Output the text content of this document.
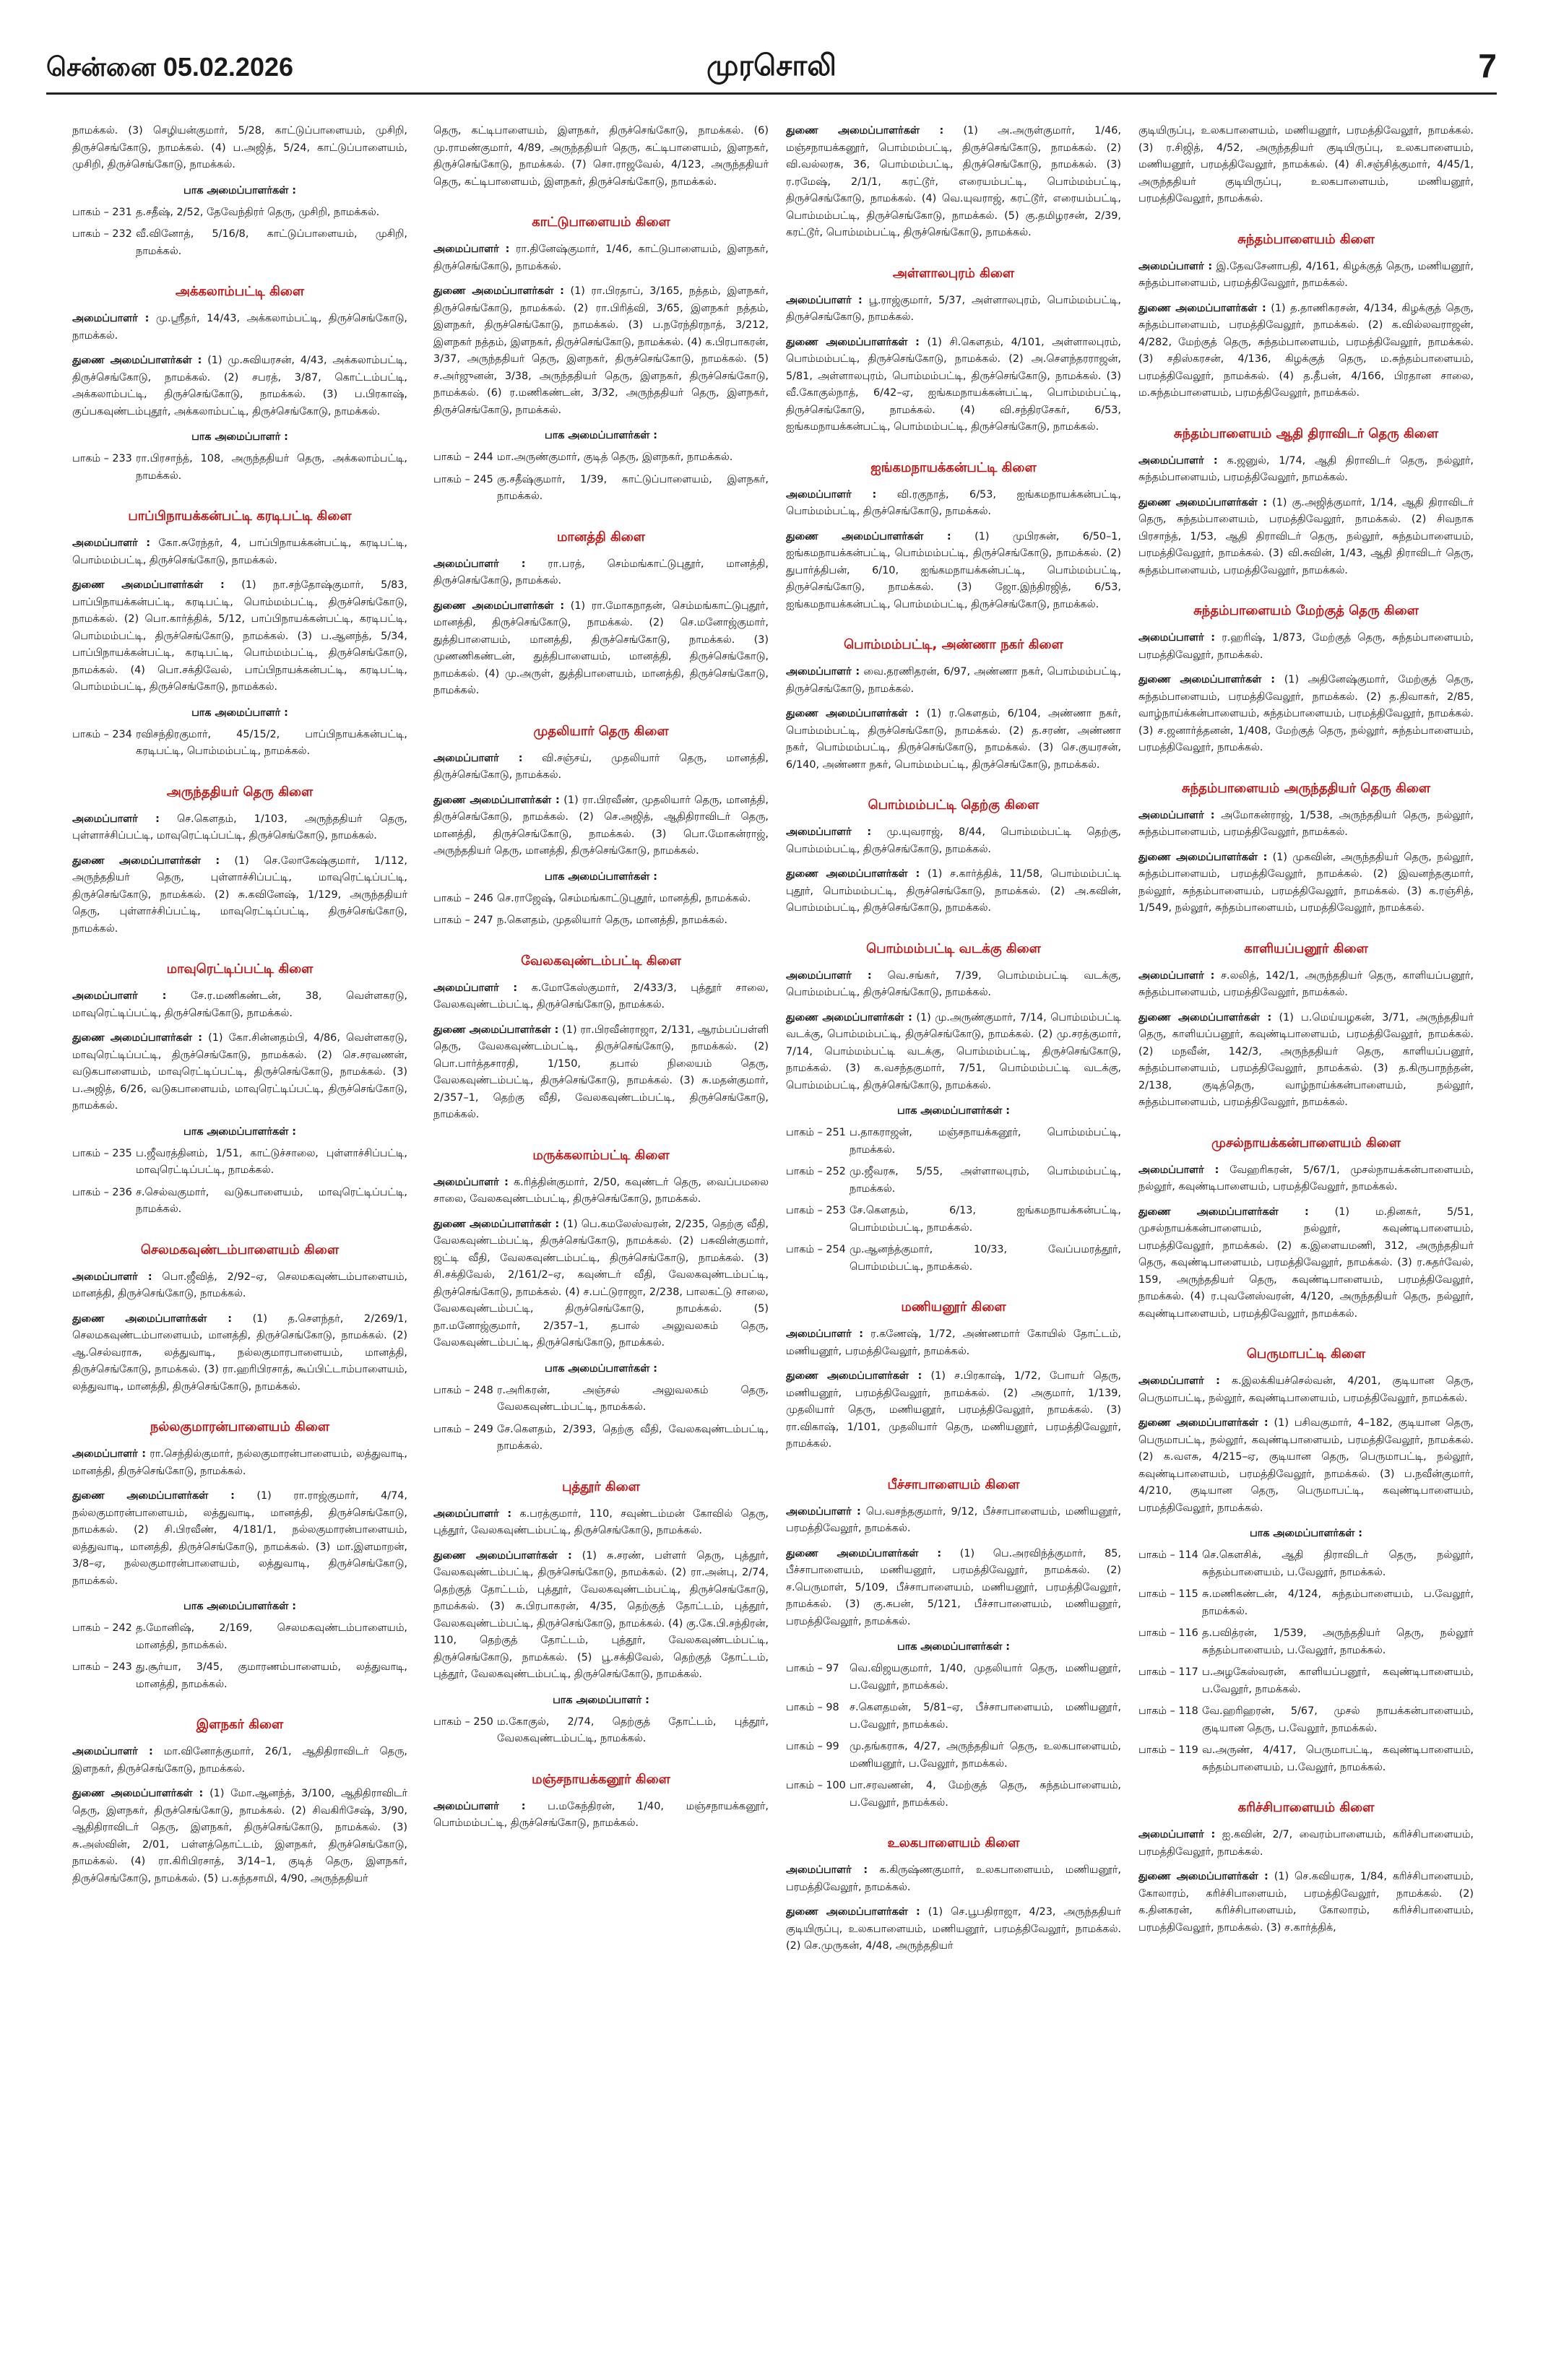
சென்னை 05.02.2026	முரசொலி	7

நாமக்கல். (3) செழியன்குமார், 5/28, காட்டுப்பாளையம், முசிறி, திருச்செங்கோடு, நாமக்கல். (4) ப.அஜித், 5/24, காட்டுப்பாளையம், முசிறி, திருச்செங்கோடு, நாமக்கல்.

பாக அமைப்பாளர்கள் :
பாகம் – 231 த.சதீஷ், 2/52, தேவேந்திரர் தெரு, முசிறி, நாமக்கல்.
பாகம் – 232 வீ.வினோத், 5/16/8, காட்டுப்பாளையம், முசிறி, நாமக்கல்.
அக்கலாம்பட்டி கிளை

அமைப்பாளர் : மு.ஸ்ரீதர், 14/43, அக்கலாம்பட்டி, திருச்செங்கோடு, நாமக்கல்.

துணை அமைப்பாளர்கள் : (1) மு.சுவியரசன், 4/43, அக்கலாம்பட்டி, திருச்செங்கோடு, நாமக்கல். (2) சபரத், 3/87, கொட்டம்பட்டி, அக்கலாம்பட்டி, திருச்செங்கோடு, நாமக்கல். (3) ப.பிரகாஷ், குப்பகவுண்டம்புதூர், அக்கலாம்பட்டி, திருச்செங்கோடு, நாமக்கல்.

பாக அமைப்பாளர் :
பாகம் – 233 ரா.பிரசாந்த், 108, அருந்ததியர் தெரு, அக்கலாம்பட்டி, நாமக்கல்.
பாப்பிநாயக்கன்பட்டி கரடிபட்டி கிளை

அமைப்பாளர் : கோ.சுரேந்தர், 4, பாப்பிநாயக்கன்பட்டி, கரடிபட்டி, பொம்மம்பட்டி, திருச்செங்கோடு, நாமக்கல்.

துணை அமைப்பாளர்கள் : (1) நா.சந்தோஷ்குமார், 5/83, பாப்பிநாயக்கன்பட்டி, கரடிபட்டி, பொம்மம்பட்டி, திருச்செங்கோடு, நாமக்கல். (2) பொ.கார்த்திக், 5/12, பாப்பிநாயக்கன்பட்டி, கரடிபட்டி, பொம்மம்பட்டி, திருச்செங்கோடு, நாமக்கல். (3) ப.ஆனந்த், 5/34, பாப்பிநாயக்கன்பட்டி, கரடிபட்டி, பொம்மம்பட்டி, திருச்செங்கோடு, நாமக்கல். (4) பொ.சக்திவேல், பாப்பிநாயக்கன்பட்டி, கரடிபட்டி, பொம்மம்பட்டி, திருச்செங்கோடு, நாமக்கல்.

பாக அமைப்பாளர் :
பாகம் – 234 ரவிசந்திரகுமார், 45/15/2, பாப்பிநாயக்கன்பட்டி, கரடிபட்டி, பொம்மம்பட்டி, நாமக்கல்.
அருந்ததியர் தெரு கிளை

அமைப்பாளர் : செ.கௌதம், 1/103, அருந்ததியர் தெரு, புள்ளாச்சிப்பட்டி, மாவுரெட்டிப்பட்டி, திருச்செங்கோடு, நாமக்கல்.

துணை அமைப்பாளர்கள் : (1) செ.லோகேஷ்குமார், 1/112, அருந்ததியர் தெரு, புள்ளாச்சிப்பட்டி, மாவுரெட்டிப்பட்டி, திருச்செங்கோடு, நாமக்கல். (2) சு.கவினேஷ், 1/129, அருந்ததியர் தெரு, புள்ளாச்சிப்பட்டி, மாவுரெட்டிப்பட்டி, திருச்செங்கோடு, நாமக்கல்.

மாவுரெட்டிப்பட்டி கிளை

அமைப்பாளர் : சே.ர.மணிகண்டன், 38, வெள்ளகரடு, மாவுரெட்டிப்பட்டி, திருச்செங்கோடு, நாமக்கல்.

துணை அமைப்பாளர்கள் : (1) கோ.சின்னதம்பி, 4/86, வெள்ளகரடு, மாவுரெட்டிப்பட்டி, திருச்செங்கோடு, நாமக்கல். (2) செ.சரவணன், வடுகபாளையம், மாவுரெட்டிப்பட்டி, திருச்செங்கோடு, நாமக்கல். (3) ப.அஜித், 6/26, வடுகபாளையம், மாவுரெட்டிப்பட்டி, திருச்செங்கோடு, நாமக்கல்.

பாக அமைப்பாளர்கள் :
பாகம் – 235 ப.ஜீவரத்தினம், 1/51, காட்டுச்சாலை, புள்ளாச்சிப்பட்டி, மாவுரெட்டிப்பட்டி, நாமக்கல்.
பாகம் – 236 ச.செல்வகுமார், வடுகபாளையம், மாவுரெட்டிப்பட்டி, நாமக்கல்.
செலமகவுண்டம்பாளையம் கிளை

அமைப்பாளர் : பொ.ஜீவித், 2/92–ஏ, செலமகவுண்டம்பாளையம், மானத்தி, திருச்செங்கோடு, நாமக்கல்.

துணை அமைப்பாளர்கள் : (1) த.சௌந்தர், 2/269/1, செலமகவுண்டம்பாளையம், மானத்தி, திருச்செங்கோடு, நாமக்கல். (2) ஆ.செல்வராசு, லத்துவாடி, நல்லகுமாரபாளையம், மானத்தி, திருச்செங்கோடு, நாமக்கல். (3) ரா.ஹரிபிரசாத், கூப்பிட்டாம்பாளையம், லத்துவாடி, மானத்தி, திருச்செங்கோடு, நாமக்கல்.

நல்லகுமாரன்பாளையம் கிளை

அமைப்பாளர் : ரா.செந்தில்குமார், நல்லகுமாரன்பாளையம், லத்துவாடி, மானத்தி, திருச்செங்கோடு, நாமக்கல்.

துணை அமைப்பாளர்கள் : (1) ரா.ராஜ்குமார், 4/74, நல்லகுமாரன்பாளையம், லத்துவாடி, மானத்தி, திருச்செங்கோடு, நாமக்கல். (2) சி.பிரவீண், 4/181/1, நல்லகுமாரன்பாளையம், லத்துவாடி, மானத்தி, திருச்செங்கோடு, நாமக்கல். (3) மா.இளமாறன், 3/8–ஏ, நல்லகுமாரன்பாளையம், லத்துவாடி, திருச்செங்கோடு, நாமக்கல்.

பாக அமைப்பாளர்கள் :
பாகம் – 242 த.மோனிஷ், 2/169, செலமகவுண்டம்பாளையம், மானத்தி, நாமக்கல்.
பாகம் – 243 து.சூர்யா, 3/45, குமாரணம்பாளையம், லத்துவாடி, மானத்தி, நாமக்கல்.
இளநகர் கிளை

அமைப்பாளர் : மா.வினோத்குமார், 26/1, ஆதிதிராவிடர் தெரு, இளநகர், திருச்செங்கோடு, நாமக்கல்.

துணை அமைப்பாளர்கள் : (1) மோ.ஆனந்த், 3/100, ஆதிதிராவிடர் தெரு, இளநகர், திருச்செங்கோடு, நாமக்கல். (2) சிவகிரிசேஷ், 3/90, ஆதிதிராவிடர் தெரு, இளநகர், திருச்செங்கோடு, நாமக்கல். (3) சு.அஸ்வின், 2/01, பள்ளத்தொட்டம், இளநகர், திருச்செங்கோடு, நாமக்கல். (4) ரா.கிரிபிரசாத், 3/14–1, குடித் தெரு, இளநகர், திருச்செங்கோடு, நாமக்கல். (5) ப.கந்தசாமி, 4/90, அருந்ததியர்

தெரு, கட்டிபாளையம், இளநகர், திருச்செங்கோடு, நாமக்கல். (6) மு.ராமண்குமார், 4/89, அருந்ததியர் தெரு, கட்டிபாளையம், இளநகர், திருச்செங்கோடு, நாமக்கல். (7) சொ.ராஜவேல், 4/123, அருந்ததியர் தெரு, கட்டிபாளையம், இளநகர், திருச்செங்கோடு, நாமக்கல்.

காட்டுபாளையம் கிளை

அமைப்பாளர் : ரா.தினேஷ்குமார், 1/46, காட்டுபாளையம், இளநகர், திருச்செங்கோடு, நாமக்கல்.

துணை அமைப்பாளர்கள் : (1) ரா.பிரதாப், 3/165, நத்தம், இளநகர், திருச்செங்கோடு, நாமக்கல். (2) ரா.பிரித்வி, 3/65, இளநகர் நத்தம், இளநகர், திருச்செங்கோடு, நாமக்கல். (3) ப.நரேந்திரநாத், 3/212, இளநகர் நத்தம், இளநகர், திருச்செங்கோடு, நாமக்கல். (4) க.பிரபாகரன், 3/37, அருந்ததியர் தெரு, இளநகர், திருச்செங்கோடு, நாமக்கல். (5) ச.அர்ஜுனன், 3/38, அருந்ததியர் தெரு, இளநகர், திருச்செங்கோடு, நாமக்கல். (6) ர.மணிகண்டன், 3/32, அருந்ததியர் தெரு, இளநகர், திருச்செங்கோடு, நாமக்கல்.

பாக அமைப்பாளர்கள் :
பாகம் – 244 மா.அருண்குமார், குடித் தெரு, இளநகர், நாமக்கல்.
பாகம் – 245 கு.சதீஷ்குமார், 1/39, காட்டுப்பாளையம், இளநகர், நாமக்கல்.
மானத்தி கிளை

அமைப்பாளர் : ரா.பரத், செம்மங்காட்டுபுதூர், மானத்தி, திருச்செங்கோடு, நாமக்கல்.

துணை அமைப்பாளர்கள் : (1) ரா.மோகநாதன், செம்மங்காட்டுபுதூர், மானத்தி, திருச்செங்கோடு, நாமக்கல். (2) செ.மனோஜ்குமார், துத்திபாளையம், மானத்தி, திருச்செங்கோடு, நாமக்கல். (3) முணணிகண்டன், துத்திபாளையம், மானத்தி, திருச்செங்கோடு, நாமக்கல். (4) மு.அருள், துத்திபாளையம், மானத்தி, திருச்செங்கோடு, நாமக்கல்.

முதலியார் தெரு கிளை

அமைப்பாளர் : வி.சஞ்சய், முதலியார் தெரு, மானத்தி, திருச்செங்கோடு, நாமக்கல்.

துணை அமைப்பாளர்கள் : (1) ரா.பிரவீண், முதலியார் தெரு, மானத்தி, திருச்செங்கோடு, நாமக்கல். (2) செ.அஜித், ஆதிதிராவிடர் தெரு, மானத்தி, திருச்செங்கோடு, நாமக்கல். (3) பொ.மோகன்ராஜ், அருந்ததியர் தெரு, மானத்தி, திருச்செங்கோடு, நாமக்கல்.

பாக அமைப்பாளர்கள் :
பாகம் – 246 செ.ராஜேஷ், செம்மங்காட்டுபுதூர், மானத்தி, நாமக்கல்.
பாகம் – 247 ந.கௌதம், முதலியார் தெரு, மானத்தி, நாமக்கல்.
வேலகவுண்டம்பட்டி கிளை

அமைப்பாளர் : க.மோகேஸ்குமார், 2/433/3, புத்தூர் சாலை, வேலகவுண்டம்பட்டி, திருச்செங்கோடு, நாமக்கல்.

துணை அமைப்பாளர்கள் : (1) ரா.பிரவீன்ராஜா, 2/131, ஆரம்பப்பள்ளி தெரு, வேலகவுண்டம்பட்டி, திருச்செங்கோடு, நாமக்கல். (2) பொ.பார்த்தசாரதி, 1/150, தபால் நிலையம் தெரு, வேலகவுண்டம்பட்டி, திருச்செங்கோடு, நாமக்கல். (3) சு.மதன்குமார், 2/357–1, தெற்கு வீதி, வேலகவுண்டம்பட்டி, திருச்செங்கோடு, நாமக்கல்.

மருக்கலாம்பட்டி கிளை

அமைப்பாளர் : க.ரித்தின்குமார், 2/50, கவுண்டர் தெரு, வைப்பமலை சாலை, வேலகவுண்டம்பட்டி, திருச்செங்கோடு, நாமக்கல்.

துணை அமைப்பாளர்கள் : (1) பெ.கமலேஸ்வரன், 2/235, தெற்கு வீதி, வேலகவுண்டம்பட்டி, திருச்செங்கோடு, நாமக்கல். (2) பசுவின்குமார், ஜட்டி வீதி, வேலகவுண்டம்பட்டி, திருச்செங்கோடு, நாமக்கல். (3) சி.சக்திவேல், 2/161/2–ஏ, கவுண்டர் வீதி, வேலகவுண்டம்பட்டி, திருச்செங்கோடு, நாமக்கல். (4) ச.பட்டுராஜா, 2/238, பாலகட்டு சாலை, வேலகவுண்டம்பட்டி, திருச்செங்கோடு, நாமக்கல். (5) நா.மனோஜ்குமார், 2/357–1, தபால் அலுவலகம் தெரு, வேலகவுண்டம்பட்டி, திருச்செங்கோடு, நாமக்கல்.

பாக அமைப்பாளர்கள் :
பாகம் – 248 ர.அரிகரன், அஞ்சல் அலுவலகம் தெரு, வேலகவுண்டம்பட்டி, நாமக்கல்.
பாகம் – 249 சே.கௌதம், 2/393, தெற்கு வீதி, வேலகவுண்டம்பட்டி, நாமக்கல்.
புத்தூர் கிளை

அமைப்பாளர் : க.பரத்குமார், 110, சவுண்டம்மன் கோவில் தெரு, புத்தூர், வேலகவுண்டம்பட்டி, திருச்செங்கோடு, நாமக்கல்.

துணை அமைப்பாளர்கள் : (1) சு.சரண், பள்ளர் தெரு, புத்தூர், வேலகவுண்டம்பட்டி, திருச்செங்கோடு, நாமக்கல். (2) ரா.அன்பு, 2/74, தெற்குத் தோட்டம், புத்தூர், வேலகவுண்டம்பட்டி, திருச்செங்கோடு, நாமக்கல். (3) சு.பிரபாகரன், 4/35, தெற்குத் தோட்டம், புத்தூர், வேலகவுண்டம்பட்டி, திருச்செங்கோடு, நாமக்கல். (4) கு.கே.பி.சந்திரன், 110, தெற்குத் தோட்டம், புத்தூர், வேலகவுண்டம்பட்டி, திருச்செங்கோடு, நாமக்கல். (5) பூ.சக்திவேல், தெற்குத் தோட்டம், புத்தூர், வேலகவுண்டம்பட்டி, திருச்செங்கோடு, நாமக்கல்.

பாக அமைப்பாளர் :
பாகம் – 250 ம.கோகுல், 2/74, தெற்குத் தோட்டம், புத்தூர், வேலகவுண்டம்பட்டி, நாமக்கல்.
மஞ்சநாயக்கனூர் கிளை

அமைப்பாளர் : ப.மகேந்திரன், 1/40, மஞ்சநாயக்கனூர், பொம்மம்பட்டி, திருச்செங்கோடு, நாமக்கல்.

துணை அமைப்பாளர்கள் : (1) அ.அருள்குமார், 1/46, மஞ்சநாயக்கனூர், பொம்மம்பட்டி, திருச்செங்கோடு, நாமக்கல். (2) வி.வல்லரசு, 36, பொம்மம்பட்டி, திருச்செங்கோடு, நாமக்கல். (3) ர.ரமேஷ், 2/1/1, கரட்டூர், எரையம்பட்டி, பொம்மம்பட்டி, திருச்செங்கோடு, நாமக்கல். (4) வெ.யுவராஜ், கரட்டூர், எரையம்பட்டி, பொம்மம்பட்டி, திருச்செங்கோடு, நாமக்கல். (5) கு.தமிழரசன், 2/39, கரட்டூர், பொம்மம்பட்டி, திருச்செங்கோடு, நாமக்கல்.

அள்ளாலபுரம் கிளை

அமைப்பாளர் : பூ.ராஜ்குமார், 5/37, அள்ளாலபுரம், பொம்மம்பட்டி, திருச்செங்கோடு, நாமக்கல்.

துணை அமைப்பாளர்கள் : (1) சி.கௌதம், 4/101, அள்ளாலபுரம், பொம்மம்பட்டி, திருச்செங்கோடு, நாமக்கல். (2) அ.சௌந்தரராஜன், 5/81, அள்ளாலபுரம், பொம்மம்பட்டி, திருச்செங்கோடு, நாமக்கல். (3) வீ.கோகுல்நாத், 6/42–ஏ, ஐங்கமநாயக்கன்பட்டி, பொம்மம்பட்டி, திருச்செங்கோடு, நாமக்கல். (4) வி.சந்திரசேகர், 6/53, ஐங்கமநாயக்கன்பட்டி, பொம்மம்பட்டி, திருச்செங்கோடு, நாமக்கல்.

ஐங்கமநாயக்கன்பட்டி கிளை

அமைப்பாளர் : வி.ரகுநாத், 6/53, ஐங்கமநாயக்கன்பட்டி, பொம்மம்பட்டி, திருச்செங்கோடு, நாமக்கல்.

துணை அமைப்பாளர்கள் : (1) முபிரசுன், 6/50–1, ஐங்கமநாயக்கன்பட்டி, பொம்மம்பட்டி, திருச்செங்கோடு, நாமக்கல். (2) துபார்த்திபன், 6/10, ஐங்கமநாயக்கன்பட்டி, பொம்மம்பட்டி, திருச்செங்கோடு, நாமக்கல். (3) ஜோ.இந்திரஜித், 6/53, ஐங்கமநாயக்கன்பட்டி, பொம்மம்பட்டி, திருச்செங்கோடு, நாமக்கல்.

பொம்மம்பட்டி, அண்ணா நகர் கிளை

அமைப்பாளர் : வை.தரணிதரன், 6/97, அண்ணா நகர், பொம்மம்பட்டி, திருச்செங்கோடு, நாமக்கல்.

துணை அமைப்பாளர்கள் : (1) ர.கௌதம், 6/104, அண்ணா நகர், பொம்மம்பட்டி, திருச்செங்கோடு, நாமக்கல். (2) த.சரண், அண்ணா நகர், பொம்மம்பட்டி, திருச்செங்கோடு, நாமக்கல். (3) செ.குயரசன், 6/140, அண்ணா நகர், பொம்மம்பட்டி, திருச்செங்கோடு, நாமக்கல்.

பொம்மம்பட்டி தெற்கு கிளை

அமைப்பாளர் : மு.யுவராஜ், 8/44, பொம்மம்பட்டி தெற்கு, பொம்மம்பட்டி, திருச்செங்கோடு, நாமக்கல்.

துணை அமைப்பாளர்கள் : (1) ச.கார்த்திக், 11/58, பொம்மம்பட்டி புதூர், பொம்மம்பட்டி, திருச்செங்கோடு, நாமக்கல். (2) அ.கவின், பொம்மம்பட்டி, திருச்செங்கோடு, நாமக்கல்.

பொம்மம்பட்டி வடக்கு கிளை

அமைப்பாளர் : வெ.சங்கர், 7/39, பொம்மம்பட்டி வடக்கு, பொம்மம்பட்டி, திருச்செங்கோடு, நாமக்கல்.

துணை அமைப்பாளர்கள் : (1) மு.அருண்குமார், 7/14, பொம்மம்பட்டி வடக்கு, பொம்மம்பட்டி, திருச்செங்கோடு, நாமக்கல். (2) மு.சரத்குமார், 7/14, பொம்மம்பட்டி வடக்கு, பொம்மம்பட்டி, திருச்செங்கோடு, நாமக்கல். (3) க.வசந்தகுமார், 7/51, பொம்மம்பட்டி வடக்கு, பொம்மம்பட்டி, திருச்செங்கோடு, நாமக்கல்.

பாக அமைப்பாளர்கள் :
பாகம் – 251 ப.தாகராஜன், மஞ்சநாயக்கனூர், பொம்மம்பட்டி, நாமக்கல்.
பாகம் – 252 மு.ஜீவரசு, 5/55, அள்ளாலபுரம், பொம்மம்பட்டி, நாமக்கல்.
பாகம் – 253 சே.கௌதம், 6/13, ஐங்கமநாயக்கன்பட்டி, பொம்மம்பட்டி, நாமக்கல்.
பாகம் – 254 மு.ஆனந்த்குமார், 10/33, வேப்பமரத்தூர், பொம்மம்பட்டி, நாமக்கல்.
மணியனூர் கிளை

அமைப்பாளர் : ர.கணேஷ், 1/72, அண்ணமார் கோயில் தோட்டம், மணியனூர், பரமத்திவேலூர், நாமக்கல்.

துணை அமைப்பாளர்கள் : (1) ச.பிரகாஷ், 1/72, போயர் தெரு, மணியனூர், பரமத்திவேலூர், நாமக்கல். (2) அகுமார், 1/139, முதலியார் தெரு, மணியனூர், பரமத்திவேலூர், நாமக்கல். (3) ரா.விகாஷ், 1/101, முதலியார் தெரு, மணியனூர், பரமத்திவேலூர், நாமக்கல்.

பீச்சாபாளையம் கிளை

அமைப்பாளர் : பெ.வசந்தகுமார், 9/12, பீச்சாபாளையம், மணியனூர், பரமத்திவேலூர், நாமக்கல்.

துணை அமைப்பாளர்கள் : (1) பெ.அரவிந்த்குமார், 85, பீச்சாபாளையம், மணியனூர், பரமத்திவேலூர், நாமக்கல். (2) ச.பெருமாள், 5/109, பீச்சாபாளையம், மணியனூர், பரமத்திவேலூர், நாமக்கல். (3) கு.சுபன், 5/121, பீச்சாபாளையம், மணியனூர், பரமத்திவேலூர், நாமக்கல்.

பாக அமைப்பாளர்கள் :
பாகம் – 97 வெ.விஜயகுமார், 1/40, முதலியார் தெரு, மணியனூர், ப.வேலூர், நாமக்கல்.
பாகம் – 98 ச.கௌதமன், 5/81–ஏ, பீச்சாபாளையம், மணியனூர், ப.வேலூர், நாமக்கல்.
பாகம் – 99 மு.தங்கராசு, 4/27, அருந்ததியர் தெரு, உலகபாளையம், மணியனூர், ப.வேலூர், நாமக்கல்.
பாகம் – 100 பா.சரவணன், 4, மேற்குத் தெரு, சுந்தம்பாளையம், ப.வேலூர், நாமக்கல்.
உலகபாளையம் கிளை

அமைப்பாளர் : க.கிருஷ்ணகுமார், உலகபாளையம், மணியனூர், பரமத்திவேலூர், நாமக்கல்.

துணை அமைப்பாளர்கள் : (1) செ.பூபதிராஜா, 4/23, அருந்ததியர் குடியிருப்பு, உலகபாளையம், மணியனூர், பரமத்திவேலூர், நாமக்கல். (2) செ.முருகன், 4/48, அருந்ததியர்

குடியிருப்பு, உலகபாளையம், மணியனூர், பரமத்திவேலூர், நாமக்கல். (3) ர.சிஜித், 4/52, அருந்ததியர் குடியிருப்பு, உலகபாளையம், மணியனூர், பரமத்திவேலூர், நாமக்கல். (4) சி.சஞ்சித்குமார், 4/45/1, அருந்ததியர் குடியிருப்பு, உலகபாளையம், மணியனூர், பரமத்திவேலூர், நாமக்கல்.

சுந்தம்பாளையம் கிளை

அமைப்பாளர் : இ.தேவசேனாபதி, 4/161, கிழக்குத் தெரு, மணியனூர், சுந்தம்பாளையம், பரமத்திவேலூர், நாமக்கல்.

துணை அமைப்பாளர்கள் : (1) த.தாணிகரசன், 4/134, கிழக்குத் தெரு, சுந்தம்பாளையம், பரமத்திவேலூர், நாமக்கல். (2) க.வில்லவராஜன், 4/282, மேற்குத் தெரு, சுந்தம்பாளையம், பரமத்திவேலூர், நாமக்கல். (3) சதிஸ்கரசன், 4/136, கிழக்குத் தெரு, ம.சுந்தம்பாளையம், பரமத்திவேலூர், நாமக்கல். (4) த.தீபன், 4/166, பிரதான சாலை, ம.சுந்தம்பாளையம், பரமத்திவேலூர், நாமக்கல்.

சுந்தம்பாளையம் ஆதி திராவிடர் தெரு கிளை

அமைப்பாளர் : க.ஜனுல், 1/74, ஆதி திராவிடர் தெரு, நல்லூர், சுந்தம்பாளையம், பரமத்திவேலூர், நாமக்கல்.

துணை அமைப்பாளர்கள் : (1) கு.அஜித்குமார், 1/14, ஆதி திராவிடர் தெரு, சுந்தம்பாளையம், பரமத்திவேலூர், நாமக்கல். (2) சிவநாக பிரசாந்த், 1/53, ஆதி திராவிடர் தெரு, நல்லூர், சுந்தம்பாளையம், பரமத்திவேலூர், நாமக்கல். (3) வி.சுவின், 1/43, ஆதி திராவிடர் தெரு, சுந்தம்பாளையம், பரமத்திவேலூர், நாமக்கல்.

சுந்தம்பாளையம் மேற்குத் தெரு கிளை

அமைப்பாளர் : ர.ஹரிஷ், 1/873, மேற்குத் தெரு, சுந்தம்பாளையம், பரமத்திவேலூர், நாமக்கல்.

துணை அமைப்பாளர்கள் : (1) அதினேஷ்குமார், மேற்குத் தெரு, சுந்தம்பாளையம், பரமத்திவேலூர், நாமக்கல். (2) த.திவாகர், 2/85, வாழ்நாய்க்கன்பாளையம், சுந்தம்பாளையம், பரமத்திவேலூர், நாமக்கல். (3) ச.ஜனார்த்தனன், 1/408, மேற்குத் தெரு, நல்லூர், சுந்தம்பாளையம், பரமத்திவேலூர், நாமக்கல்.

சுந்தம்பாளையம் அருந்ததியர் தெரு கிளை

அமைப்பாளர் : அமோகன்ராஜ், 1/538, அருந்ததியர் தெரு, நல்லூர், சுந்தம்பாளையம், பரமத்திவேலூர், நாமக்கல்.

துணை அமைப்பாளர்கள் : (1) முகவின், அருந்ததியர் தெரு, நல்லூர், சுந்தம்பாளையம், பரமத்திவேலூர், நாமக்கல். (2) இவனந்தகுமார், நல்லூர், சுந்தம்பாளையம், பரமத்திவேலூர், நாமக்கல். (3) க.ரஞ்சித், 1/549, நல்லூர், சுந்தம்பாளையம், பரமத்திவேலூர், நாமக்கல்.

காளியப்பனூர் கிளை

அமைப்பாளர் : ச.லலித், 142/1, அருந்ததியர் தெரு, காளியப்பனூர், சுந்தம்பாளையம், பரமத்திவேலூர், நாமக்கல்.

துணை அமைப்பாளர்கள் : (1) ப.மெய்யழகன், 3/71, அருந்ததியர் தெரு, காளியப்பனூர், கவுண்டிபாளையம், பரமத்திவேலூர், நாமக்கல். (2) மநவீன், 142/3, அருந்ததியர் தெரு, காளியப்பனூர், சுந்தம்பாளையம், பரமத்திவேலூர், நாமக்கல். (3) த.கிருபாநந்தன், 2/138, குடித்தெரு, வாழ்நாய்க்கன்பாளையம், நல்லூர், சுந்தம்பாளையம், பரமத்திவேலூர், நாமக்கல்.

முசல்நாயக்கன்பாளையம் கிளை

அமைப்பாளர் : வேஹரிகரன், 5/67/1, முசல்நாயக்கன்பாளையம், நல்லூர், கவுண்டிபாளையம், பரமத்திவேலூர், நாமக்கல்.

துணை அமைப்பாளர்கள் : (1) ம.தினகர், 5/51, முசல்நாயக்கன்பாளையம், நல்லூர், கவுண்டிபாளையம், பரமத்திவேலூர், நாமக்கல். (2) க.இளையமணி, 312, அருந்ததியர் தெரு, கவுண்டிபாளையம், பரமத்திவேலூர், நாமக்கல். (3) ர.சுதர்வேல், 159, அருந்ததியர் தெரு, கவுண்டிபாளையம், பரமத்திவேலூர், நாமக்கல். (4) ர.புவனேஸ்வரன், 4/120, அருந்ததியர் தெரு, நல்லூர், கவுண்டிபாளையம், பரமத்திவேலூர், நாமக்கல்.

பெருமாபட்டி கிளை

அமைப்பாளர் : க.இலக்கியச்செல்வன், 4/201, குடியான தெரு, பெருமாபட்டி, நல்லூர், கவுண்டிபாளையம், பரமத்திவேலூர், நாமக்கல்.

துணை அமைப்பாளர்கள் : (1) பசிவகுமார், 4–182, குடியான தெரு, பெருமாபட்டி, நல்லூர், கவுண்டிபாளையம், பரமத்திவேலூர், நாமக்கல். (2) க.வஎசு, 4/215–ஏ, குடியான தெரு, பெருமாபட்டி, நல்லூர், கவுண்டிபாளையம், பரமத்திவேலூர், நாமக்கல். (3) ப.நவீன்குமார், 4/210, குடியான தெரு, பெருமாபட்டி, கவுண்டிபாளையம், பரமத்திவேலூர், நாமக்கல்.

பாக அமைப்பாளர்கள் :
பாகம் – 114 செ.கௌசிக், ஆதி திராவிடர் தெரு, நல்லூர், சுந்தம்பாளையம், ப.வேலூர், நாமக்கல்.
பாகம் – 115 சு.மணிகண்டன், 4/124, சுந்தம்பாளையம், ப.வேலூர், நாமக்கல்.
பாகம் – 116 த.பவித்ரன், 1/539, அருந்ததியர் தெரு, நல்லூர் சுந்தம்பாளையம், ப.வேலூர், நாமக்கல்.
பாகம் – 117 ப.அழகேஸ்வரன், காளியப்பனூர், கவுண்டிபாளையம், ப.வேலூர், நாமக்கல்.
பாகம் – 118 வே.ஹரிஹரன், 5/67, முசல் நாயக்கன்பாளையம், குடியான தெரு, ப.வேலூர், நாமக்கல்.
பாகம் – 119 வ.அருண், 4/417, பெருமாபட்டி, கவுண்டிபாளையம், சுந்தம்பாளையம், ப.வேலூர், நாமக்கல்.
கரிச்சிபாளையம் கிளை

அமைப்பாளர் : ஐ.கவின், 2/7, வைரம்பாளையம், கரிச்சிபாளையம், பரமத்திவேலூர், நாமக்கல்.

துணை அமைப்பாளர்கள் : (1) செ.கவியரசு, 1/84, கரிச்சிபாளையம், கோலாரம், கரிச்சிபாளையம், பரமத்திவேலூர், நாமக்கல். (2) க.தினகரன், கரிச்சிபாளையம், கோலாரம், கரிச்சிபாளையம், பரமத்திவேலூர், நாமக்கல். (3) ச.கார்த்திக்,
